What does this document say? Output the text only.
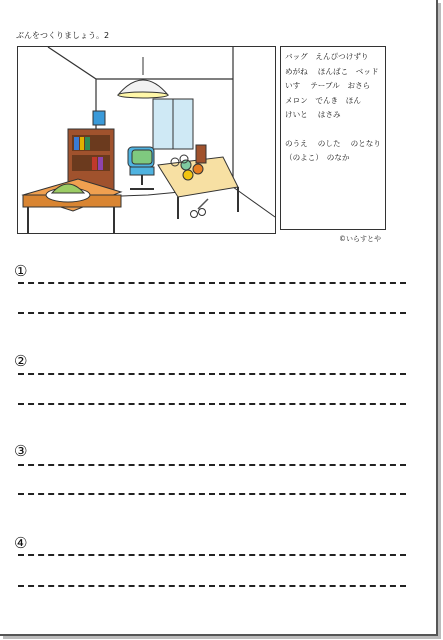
ぶんをつくりましょう。2
バッグ　えんぴつけずり
めがね　 ほんばこ　ベッド
いす　 テーブル　おさら
メロン　でんき　ほん
けいと　 はさみ
のうえ　 のした　 のとなり
（のよこ）　のなか
©いらすとや
①
②
③
④
